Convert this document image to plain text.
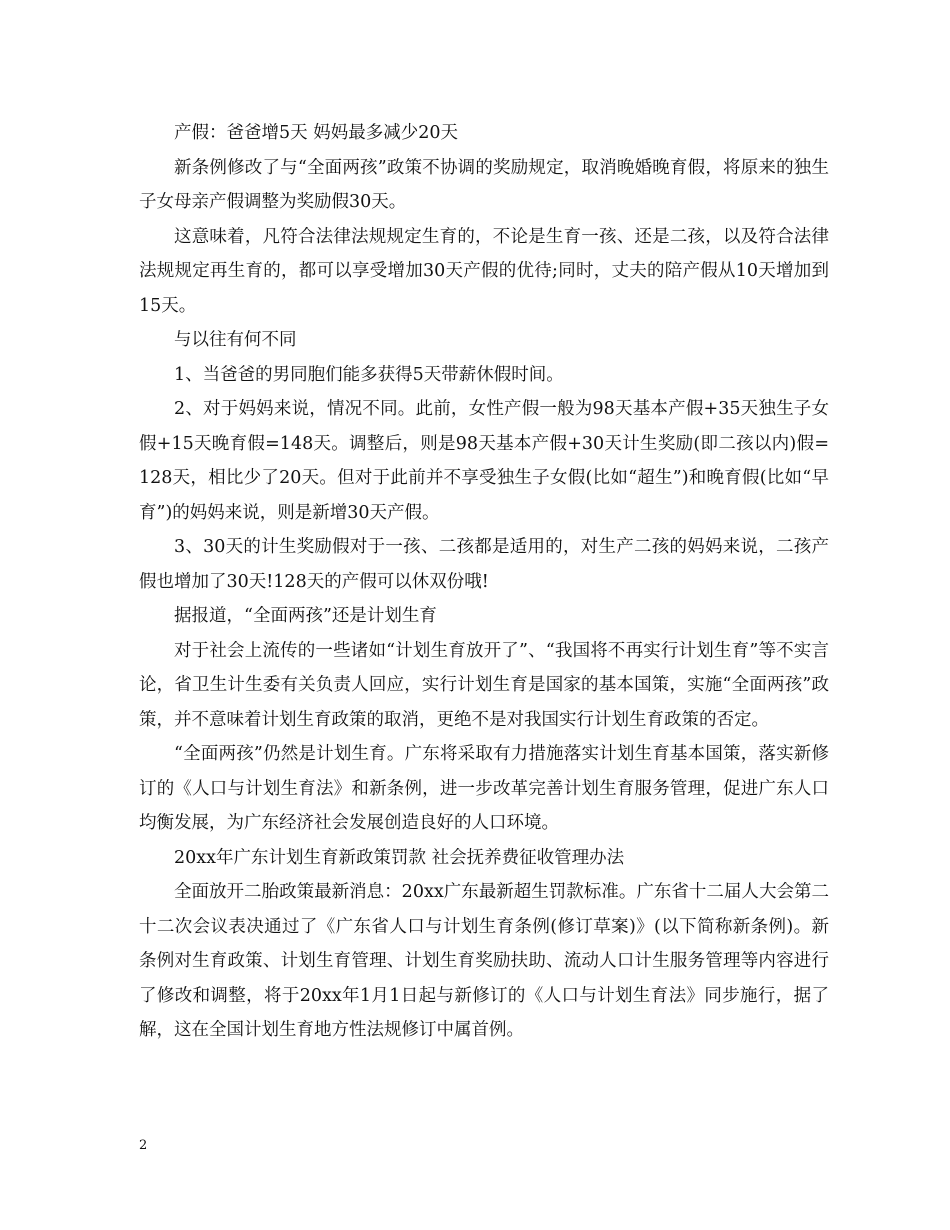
产假：爸爸增5天 妈妈最多减少20天

新条例修改了与“全面两孩”政策不协调的奖励规定，取消晚婚晚育假，将原来的独生子女母亲产假调整为奖励假30天。

这意味着，凡符合法律法规规定生育的，不论是生育一孩、还是二孩，以及符合法律法规规定再生育的，都可以享受增加30天产假的优待;同时，丈夫的陪产假从10天增加到15天。

与以往有何不同

1、当爸爸的男同胞们能多获得5天带薪休假时间。

2、对于妈妈来说，情况不同。此前，女性产假一般为98天基本产假+35天独生子女假+15天晚育假=148天。调整后，则是98天基本产假+30天计生奖励(即二孩以内)假=128天，相比少了20天。但对于此前并不享受独生子女假(比如“超生”)和晚育假(比如“早育”)的妈妈来说，则是新增30天产假。

3、30天的计生奖励假对于一孩、二孩都是适用的，对生产二孩的妈妈来说，二孩产假也增加了30天!128天的产假可以休双份哦!

据报道，“全面两孩”还是计划生育

对于社会上流传的一些诸如“计划生育放开了”、“我国将不再实行计划生育”等不实言论，省卫生计生委有关负责人回应，实行计划生育是国家的基本国策，实施“全面两孩”政策，并不意味着计划生育政策的取消，更绝不是对我国实行计划生育政策的否定。

“全面两孩”仍然是计划生育。广东将采取有力措施落实计划生育基本国策，落实新修订的《人口与计划生育法》和新条例，进一步改革完善计划生育服务管理，促进广东人口均衡发展，为广东经济社会发展创造良好的人口环境。

20xx年广东计划生育新政策罚款 社会抚养费征收管理办法

全面放开二胎政策最新消息：20xx广东最新超生罚款标准。广东省十二届人大会第二十二次会议表决通过了《广东省人口与计划生育条例(修订草案)》(以下简称新条例)。新条例对生育政策、计划生育管理、计划生育奖励扶助、流动人口计生服务管理等内容进行了修改和调整，将于20xx年1月1日起与新修订的《人口与计划生育法》同步施行，据了解，这在全国计划生育地方性法规修订中属首例。

2
